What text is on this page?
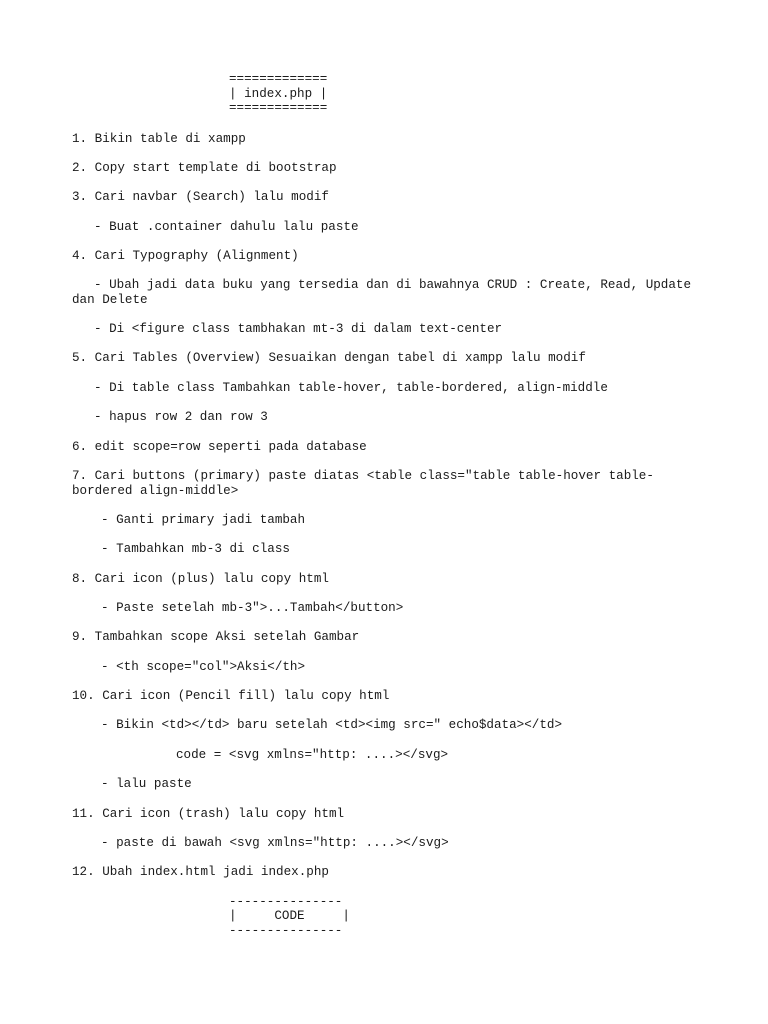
=============
| index.php |
=============
1. Bikin table di xampp
2. Copy start template di bootstrap
3. Cari navbar (Search) lalu modif
- Buat .container dahulu lalu paste
4. Cari Typography (Alignment)
- Ubah jadi data buku yang tersedia dan di bawahnya CRUD : Create, Read, Update
dan Delete
- Di <figure class tambhakan mt-3 di dalam text-center
5. Cari Tables (Overview) Sesuaikan dengan tabel di xampp lalu modif
- Di table class Tambahkan table-hover, table-bordered, align-middle
- hapus row 2 dan row 3
6. edit scope=row seperti pada database
7. Cari buttons (primary) paste diatas <table class="table table-hover table-
bordered align-middle>
- Ganti primary jadi tambah
- Tambahkan mb-3 di class
8. Cari icon (plus) lalu copy html
- Paste setelah mb-3">...Tambah</button>
9. Tambahkan scope Aksi setelah Gambar
- <th scope="col">Aksi</th>
10. Cari icon (Pencil fill) lalu copy html
- Bikin <td></td> baru setelah <td><img src=" echo$data></td>
code = <svg xmlns="http: ....></svg>
- lalu paste
11. Cari icon (trash) lalu copy html
- paste di bawah <svg xmlns="http: ....></svg>
12. Ubah index.html jadi index.php
---------------
|     CODE     |
---------------
